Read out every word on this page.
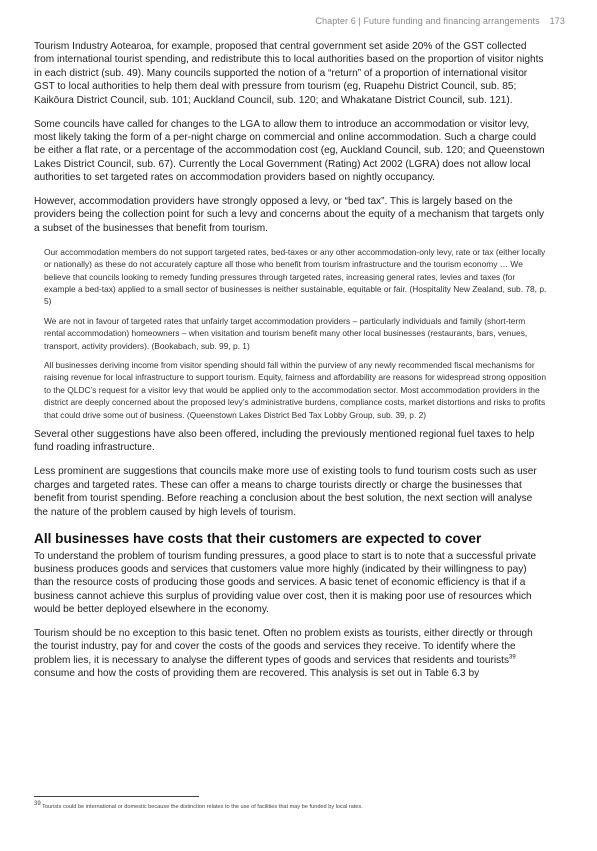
Chapter 6 | Future funding and financing arrangements 173

Tourism Industry Aotearoa, for example, proposed that central government set aside 20% of the GST collected from international tourist spending, and redistribute this to local authorities based on the proportion of visitor nights in each district (sub. 49). Many councils supported the notion of a “return” of a proportion of international visitor GST to local authorities to help them deal with pressure from tourism (eg, Ruapehu District Council, sub. 85; Kaikōura District Council, sub. 101; Auckland Council, sub. 120; and Whakatane District Council, sub. 121).

Some councils have called for changes to the LGA to allow them to introduce an accommodation or visitor levy, most likely taking the form of a per-night charge on commercial and online accommodation. Such a charge could be either a flat rate, or a percentage of the accommodation cost (eg, Auckland Council, sub. 120; and Queenstown Lakes District Council, sub. 67). Currently the Local Government (Rating) Act 2002 (LGRA) does not allow local authorities to set targeted rates on accommodation providers based on nightly occupancy.

However, accommodation providers have strongly opposed a levy, or “bed tax”. This is largely based on the providers being the collection point for such a levy and concerns about the equity of a mechanism that targets only a subset of the businesses that benefit from tourism.

Our accommodation members do not support targeted rates, bed-taxes or any other accommodation-only levy, rate or tax (either locally or nationally) as these do not accurately capture all those who benefit from tourism infrastructure and the tourism economy … We believe that councils looking to remedy funding pressures through targeted rates, increasing general rates, levies and taxes (for example a bed-tax) applied to a small sector of businesses is neither sustainable, equitable or fair. (Hospitality New Zealand, sub. 78, p. 5)

We are not in favour of targeted rates that unfairly target accommodation providers – particularly individuals and family (short-term rental accommodation) homeowners – when visitation and tourism benefit many other local businesses (restaurants, bars, venues, transport, activity providers). (Bookabach, sub. 99, p. 1)

All businesses deriving income from visitor spending should fall within the purview of any newly recommended fiscal mechanisms for raising revenue for local infrastructure to support tourism. Equity, fairness and affordability are reasons for widespread strong opposition to the QLDC’s request for a visitor levy that would be applied only to the accommodation sector. Most accommodation providers in the district are deeply concerned about the proposed levy’s administrative burdens, compliance costs, market distortions and risks to profits that could drive some out of business. (Queenstown Lakes District Bed Tax Lobby Group, sub. 39, p. 2)

Several other suggestions have also been offered, including the previously mentioned regional fuel taxes to help fund roading infrastructure.

Less prominent are suggestions that councils make more use of existing tools to fund tourism costs such as user charges and targeted rates. These can offer a means to charge tourists directly or charge the businesses that benefit from tourist spending. Before reaching a conclusion about the best solution, the next section will analyse the nature of the problem caused by high levels of tourism.

All businesses have costs that their customers are expected to cover

To understand the problem of tourism funding pressures, a good place to start is to note that a successful private business produces goods and services that customers value more highly (indicated by their willingness to pay) than the resource costs of producing those goods and services. A basic tenet of economic efficiency is that if a business cannot achieve this surplus of providing value over cost, then it is making poor use of resources which would be better deployed elsewhere in the economy.

Tourism should be no exception to this basic tenet. Often no problem exists as tourists, either directly or through the tourist industry, pay for and cover the costs of the goods and services they receive. To identify where the problem lies, it is necessary to analyse the different types of goods and services that residents and tourists$^{39}$ consume and how the costs of providing them are recovered. This analysis is set out in Table 6.3 by

$^{39}$ Tourists could be international or domestic because the distinction relates to the use of facilities that may be funded by local rates.
